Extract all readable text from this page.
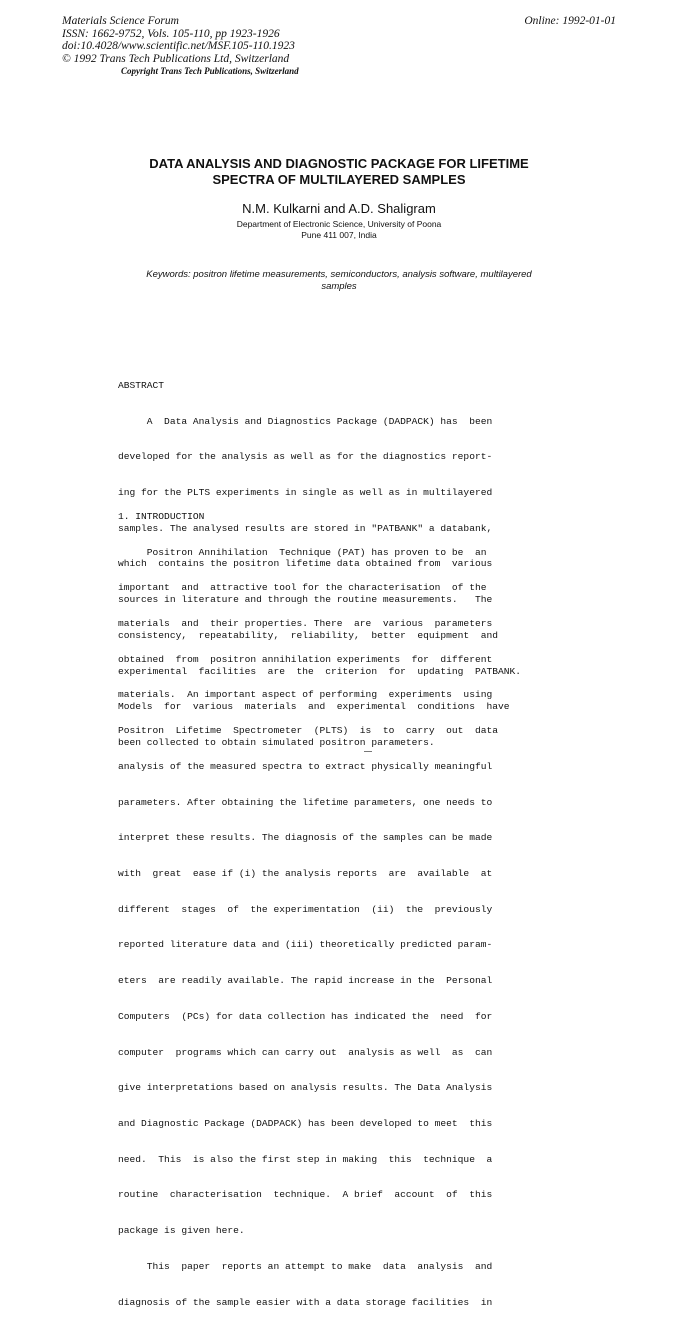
Materials Science Forum
ISSN: 1662-9752, Vols. 105-110, pp 1923-1926
doi:10.4028/www.scientific.net/MSF.105-110.1923
© 1992 Trans Tech Publications Ltd, Switzerland
Online: 1992-01-01
Copyright Trans Tech Publications, Switzerland
DATA ANALYSIS AND DIAGNOSTIC PACKAGE FOR LIFETIME
SPECTRA OF MULTILAYERED SAMPLES
N.M. Kulkarni and A.D. Shaligram
Department of Electronic Science, University of Poona
Pune 411 007, India
Keywords: positron lifetime measurements, semiconductors, analysis software, multilayered
samples

ABSTRACT

A  Data Analysis and Diagnostics Package (DADPACK) has  been

developed for the analysis as well as for the diagnostics report-

ing for the PLTS experiments in single as well as in multilayered

samples. The analysed results are stored in "PATBANK" a databank,

which  contains the positron lifetime data obtained from  various

sources in literature and through the routine measurements.   The

consistency,  repeatability,  reliability,  better  equipment  and

experimental  facilities  are  the  criterion  for  updating  PATBANK.

Models  for  various  materials  and  experimental  conditions  have

been collected to obtain simulated positron parameters.

1. INTRODUCTION

Positron Annihilation  Technique (PAT) has proven to be  an

important  and  attractive tool for the characterisation  of the

materials  and  their properties. There  are  various  parameters

obtained  from  positron annihilation experiments  for  different

materials.  An important aspect of performing  experiments  using

Positron  Lifetime  Spectrometer  (PLTS)  is  to  carry  out  data

analysis of the measured spectra to extract physically meaningful

parameters. After obtaining the lifetime parameters, one needs to

interpret these results. The diagnosis of the samples can be made

with  great  ease if (i) the analysis reports  are  available  at

different  stages  of  the experimentation  (ii)  the  previously

reported literature data and (iii) theoretically predicted param-

eters  are readily available. The rapid increase in the  Personal

Computers  (PCs) for data collection has indicated the  need  for

computer  programs which can carry out  analysis as well  as  can

give interpretations based on analysis results. The Data Analysis

and Diagnostic Package (DADPACK) has been developed to meet  this

need.  This  is also the first step in making  this  technique  a

routine  characterisation  technique.  A brief  account  of  this

package is given here.

This  paper  reports an attempt to make  data  analysis  and

diagnosis of the sample easier with a data storage facilities  in
